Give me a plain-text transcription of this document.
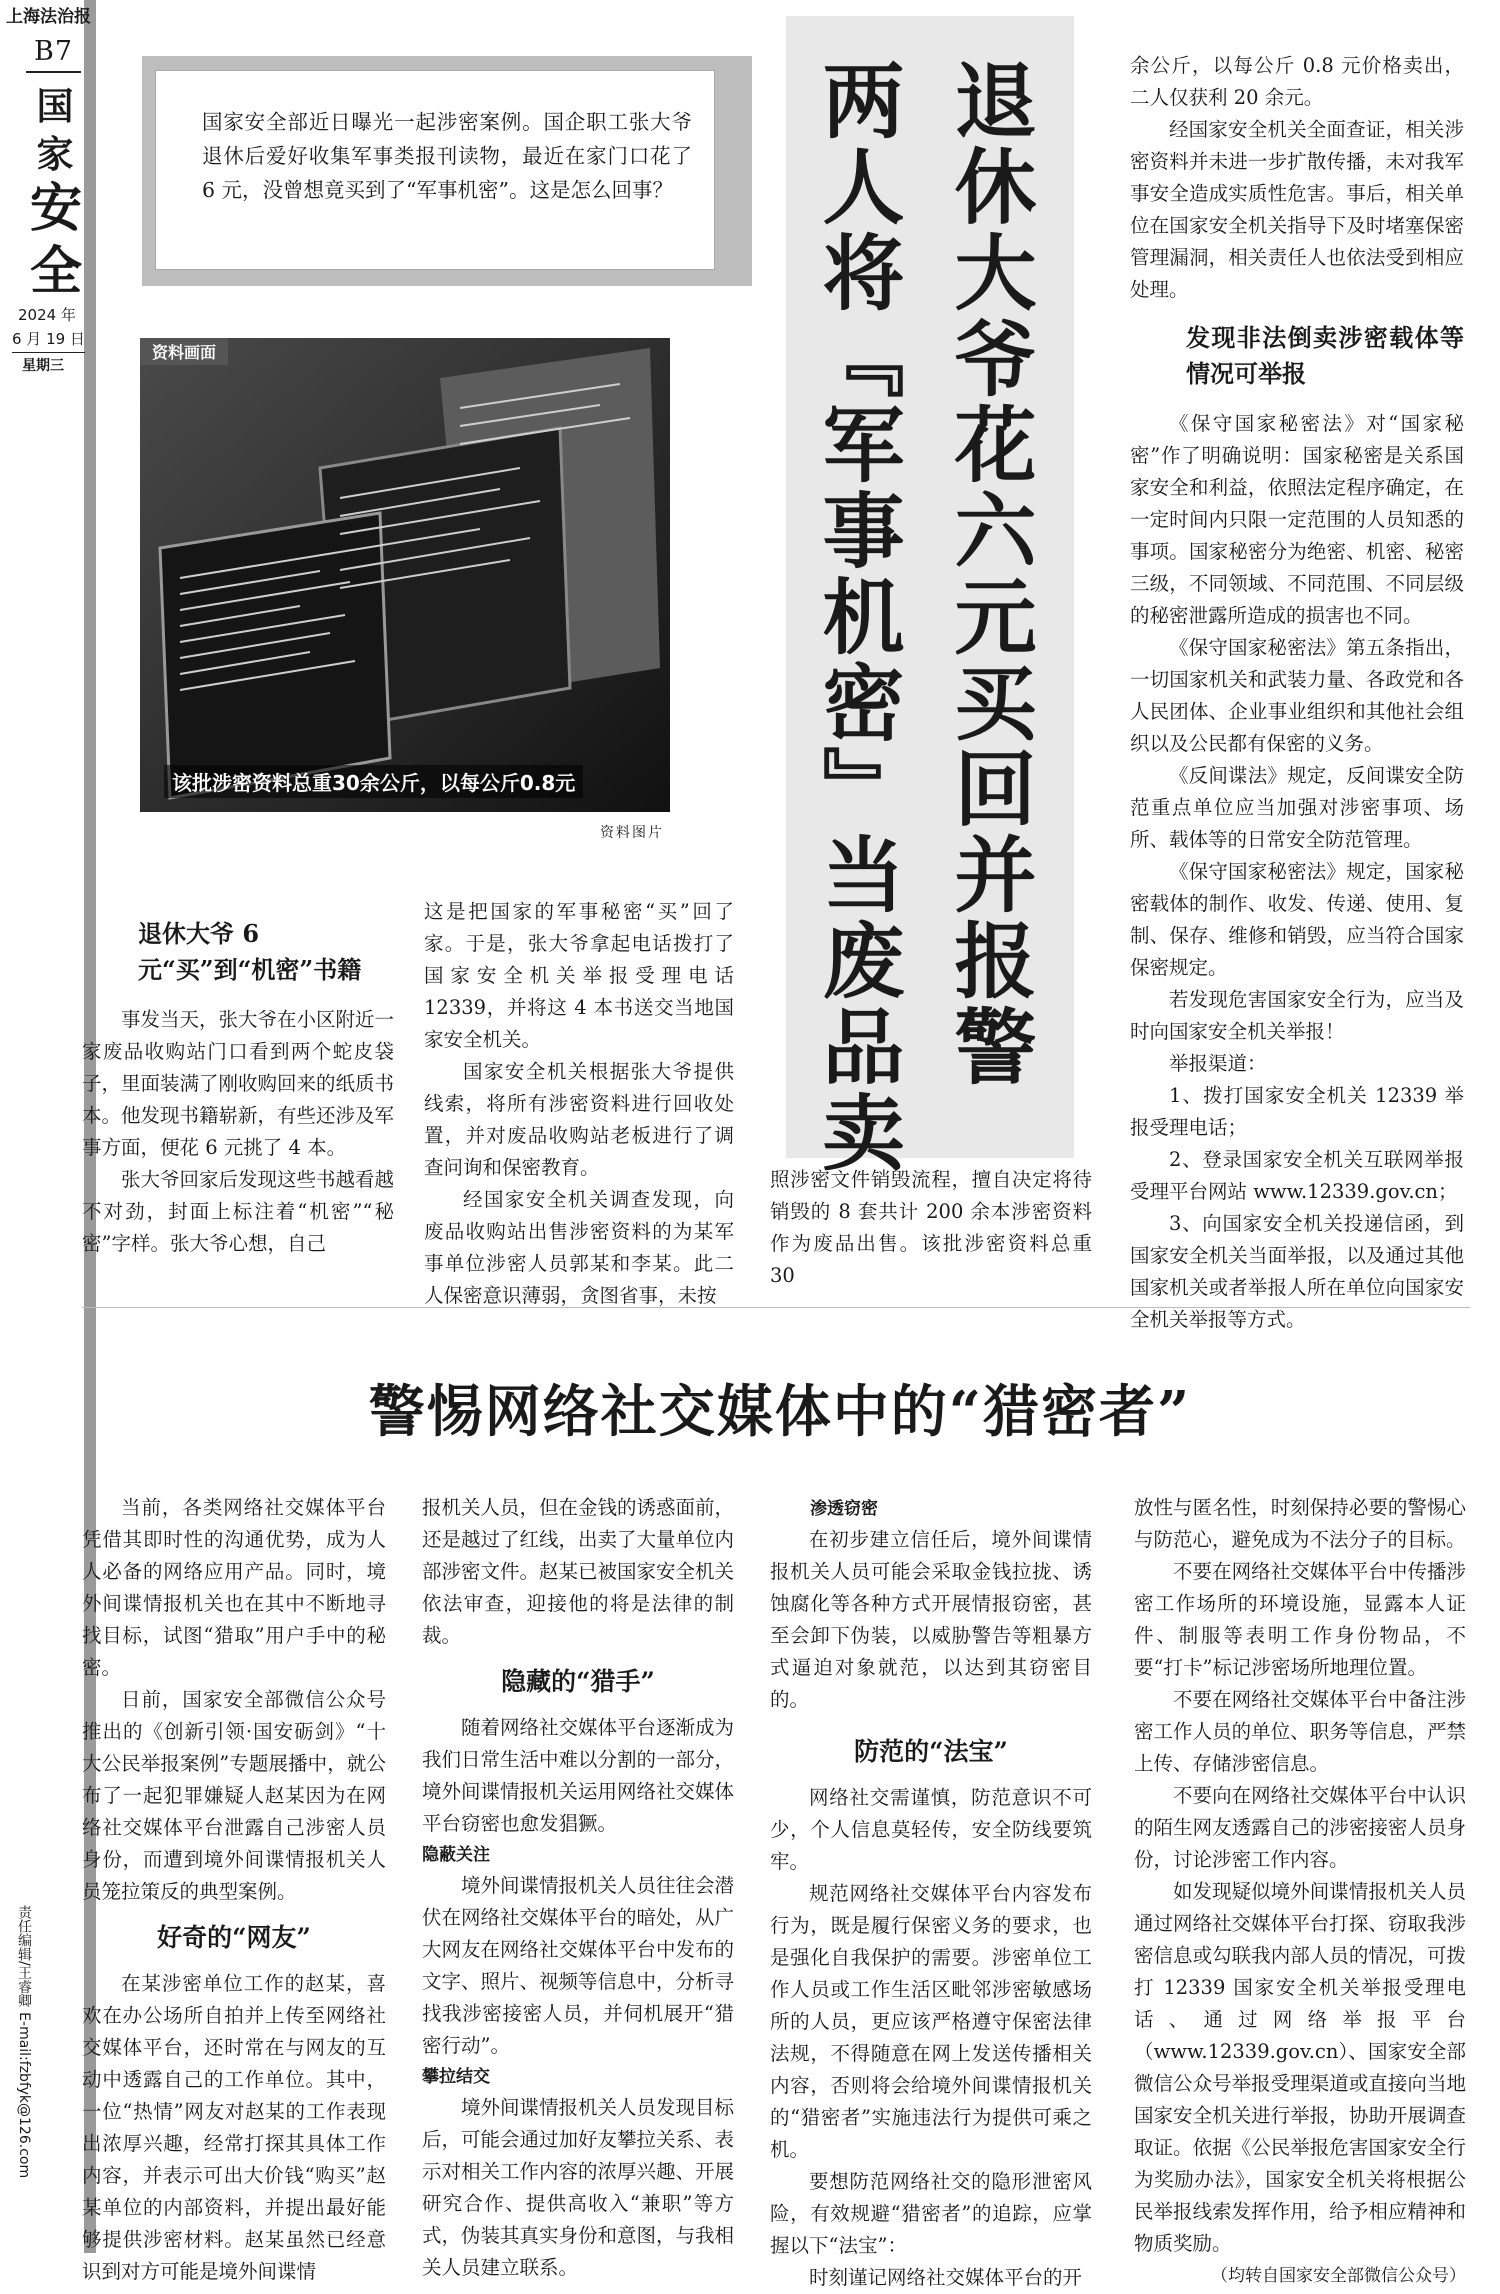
上海法治报
B7
国
家
安
全
2024 年
6 月 19 日
星期三
责任编辑/王睿卿 E-mail:fzbfyk@126.com
国家安全部近日曝光一起涉密案例。国企职工张大爷退休后爱好收集军事类报刊读物，最近在家门口花了 6 元，没曾想竟买到了“军事机密”。这是怎么回事？
资料画面
该批涉密资料总重30余公斤，以每公斤0.8元
资料图片	退休大爷花六元买回并报警
两人将『军事机密』当废品卖
退休大爷 6 元“买”到“机密”书籍

事发当天，张大爷在小区附近一家废品收购站门口看到两个蛇皮袋子，里面装满了刚收购回来的纸质书本。他发现书籍崭新，有些还涉及军事方面，便花 6 元挑了 4 本。

张大爷回家后发现这些书越看越不对劲，封面上标注着“机密”“秘密”字样。张大爷心想，自己

这是把国家的军事秘密“买”回了家。于是，张大爷拿起电话拨打了国家安全机关举报受理电话 12339，并将这 4 本书送交当地国家安全机关。

国家安全机关根据张大爷提供线索，将所有涉密资料进行回收处置，并对废品收购站老板进行了调查问询和保密教育。

经国家安全机关调查发现，向废品收购站出售涉密资料的为某军事单位涉密人员郭某和李某。此二人保密意识薄弱，贪图省事，未按

照涉密文件销毁流程，擅自决定将待销毁的 8 套共计 200 余本涉密资料作为废品出售。该批涉密资料总重 30

余公斤，以每公斤 0.8 元价格卖出，二人仅获利 20 余元。

经国家安全机关全面查证，相关涉密资料并未进一步扩散传播，未对我军事安全造成实质性危害。事后，相关单位在国家安全机关指导下及时堵塞保密管理漏洞，相关责任人也依法受到相应处理。

发现非法倒卖涉密载体等情况可举报

《保守国家秘密法》对“国家秘密”作了明确说明：国家秘密是关系国家安全和利益，依照法定程序确定，在一定时间内只限一定范围的人员知悉的事项。国家秘密分为绝密、机密、秘密三级，不同领域、不同范围、不同层级的秘密泄露所造成的损害也不同。

《保守国家秘密法》第五条指出，一切国家机关和武装力量、各政党和各人民团体、企业事业组织和其他社会组织以及公民都有保密的义务。

《反间谍法》规定，反间谍安全防范重点单位应当加强对涉密事项、场所、载体等的日常安全防范管理。

《保守国家秘密法》规定，国家秘密载体的制作、收发、传递、使用、复制、保存、维修和销毁，应当符合国家保密规定。

若发现危害国家安全行为，应当及时向国家安全机关举报！

举报渠道：

1、拨打国家安全机关 12339 举报受理电话；

2、登录国家安全机关互联网举报受理平台网站 www.12339.gov.cn；

3、向国家安全机关投递信函，到国家安全机关当面举报，以及通过其他国家机关或者举报人所在单位向国家安全机关举报等方式。

警惕网络社交媒体中的“猎密者”

当前，各类网络社交媒体平台凭借其即时性的沟通优势，成为人人必备的网络应用产品。同时，境外间谍情报机关也在其中不断地寻找目标，试图“猎取”用户手中的秘密。

日前，国家安全部微信公众号推出的《创新引领·国安砺剑》“十大公民举报案例”专题展播中，就公布了一起犯罪嫌疑人赵某因为在网络社交媒体平台泄露自己涉密人员身份，而遭到境外间谍情报机关人员笼拉策反的典型案例。

好奇的“网友”

在某涉密单位工作的赵某，喜欢在办公场所自拍并上传至网络社交媒体平台，还时常在与网友的互动中透露自己的工作单位。其中，一位“热情”网友对赵某的工作表现出浓厚兴趣，经常打探其具体工作内容，并表示可出大价钱“购买”赵某单位的内部资料，并提出最好能够提供涉密材料。赵某虽然已经意识到对方可能是境外间谍情

报机关人员，但在金钱的诱惑面前，还是越过了红线，出卖了大量单位内部涉密文件。赵某已被国家安全机关依法审查，迎接他的将是法律的制裁。

隐藏的“猎手”

随着网络社交媒体平台逐渐成为我们日常生活中难以分割的一部分，境外间谍情报机关运用网络社交媒体平台窃密也愈发猖獗。

隐蔽关注

境外间谍情报机关人员往往会潜伏在网络社交媒体平台的暗处，从广大网友在网络社交媒体平台中发布的文字、照片、视频等信息中，分析寻找我涉密接密人员，并伺机展开“猎密行动”。

攀拉结交

境外间谍情报机关人员发现目标后，可能会通过加好友攀拉关系、表示对相关工作内容的浓厚兴趣、开展研究合作、提供高收入“兼职”等方式，伪装其真实身份和意图，与我相关人员建立联系。

渗透窃密

在初步建立信任后，境外间谍情报机关人员可能会采取金钱拉拢、诱蚀腐化等各种方式开展情报窃密，甚至会卸下伪装，以威胁警告等粗暴方式逼迫对象就范，以达到其窃密目的。

防范的“法宝”

网络社交需谨慎，防范意识不可少，个人信息莫轻传，安全防线要筑牢。

规范网络社交媒体平台内容发布行为，既是履行保密义务的要求，也是强化自我保护的需要。涉密单位工作人员或工作生活区毗邻涉密敏感场所的人员，更应该严格遵守保密法律法规，不得随意在网上发送传播相关内容，否则将会给境外间谍情报机关的“猎密者”实施违法行为提供可乘之机。

要想防范网络社交的隐形泄密风险，有效规避“猎密者”的追踪，应掌握以下“法宝”：

时刻谨记网络社交媒体平台的开

放性与匿名性，时刻保持必要的警惕心与防范心，避免成为不法分子的目标。

不要在网络社交媒体平台中传播涉密工作场所的环境设施，显露本人证件、制服等表明工作身份物品，不要“打卡”标记涉密场所地理位置。

不要在网络社交媒体平台中备注涉密工作人员的单位、职务等信息，严禁上传、存储涉密信息。

不要向在网络社交媒体平台中认识的陌生网友透露自己的涉密接密人员身份，讨论涉密工作内容。

如发现疑似境外间谍情报机关人员通过网络社交媒体平台打探、窃取我涉密信息或勾联我内部人员的情况，可拨打 12339 国家安全机关举报受理电话、通过网络举报平台（www.12339.gov.cn）、国家安全部微信公众号举报受理渠道或直接向当地国家安全机关进行举报，协助开展调查取证。依据《公民举报危害国家安全行为奖励办法》，国家安全机关将根据公民举报线索发挥作用，给予相应精神和物质奖励。

（均转自国家安全部微信公众号）
